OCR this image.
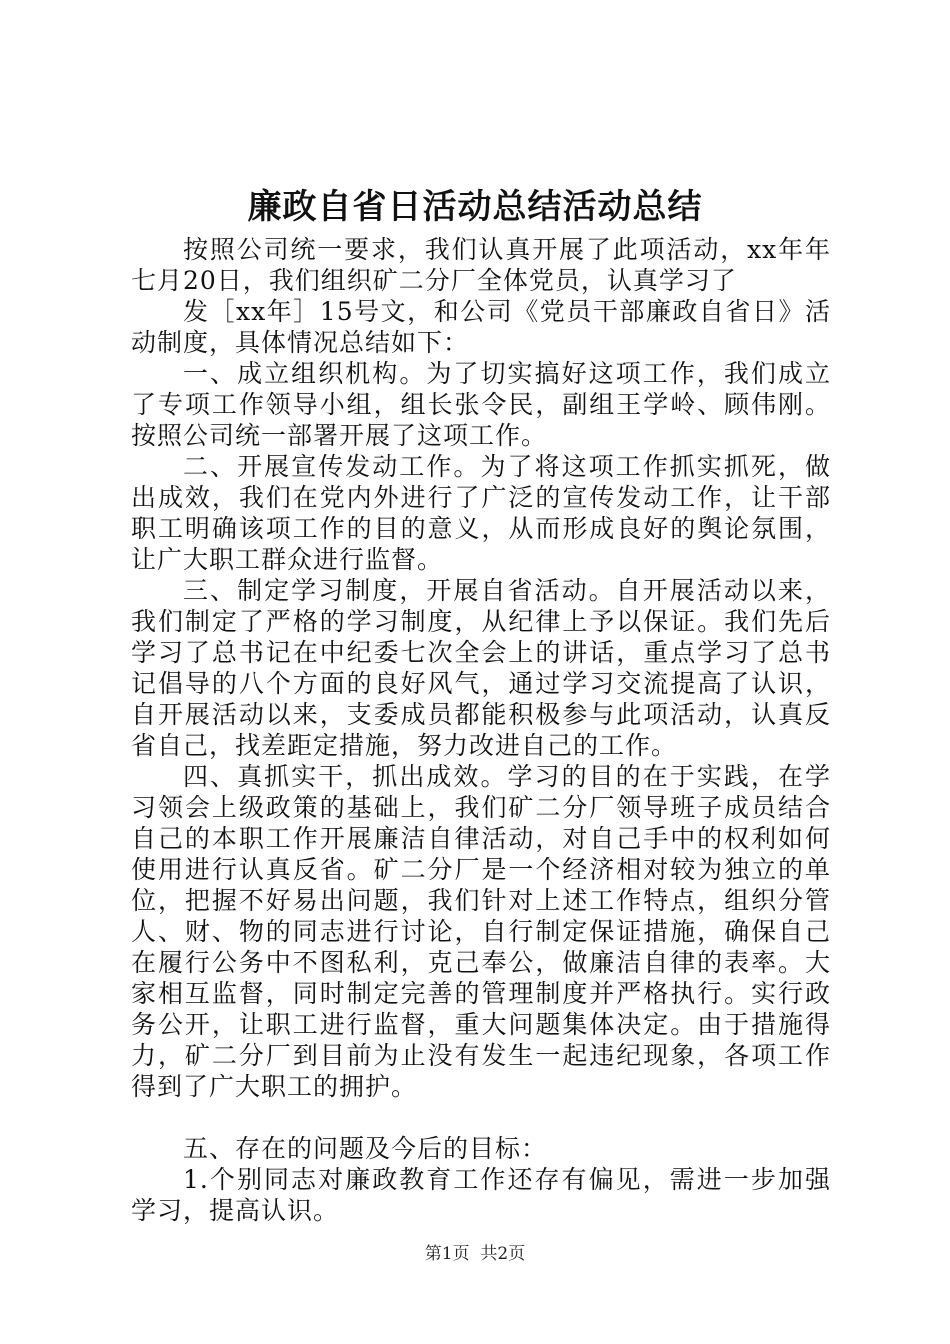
廉政自省日活动总结活动总结

按照公司统一要求，我们认真开展了此项活动，xx年年七月20日，我们组织矿二分厂全体党员，认真学习了

发［xx年］15号文，和公司《党员干部廉政自省日》活动制度，具体情况总结如下：

一、成立组织机构。为了切实搞好这项工作，我们成立了专项工作领导小组，组长张令民，副组王学岭、顾伟刚。按照公司统一部署开展了这项工作。

二、开展宣传发动工作。为了将这项工作抓实抓死，做出成效，我们在党内外进行了广泛的宣传发动工作，让干部职工明确该项工作的目的意义，从而形成良好的舆论氛围，让广大职工群众进行监督。

三、制定学习制度，开展自省活动。自开展活动以来，我们制定了严格的学习制度，从纪律上予以保证。我们先后学习了总书记在中纪委七次全会上的讲话，重点学习了总书记倡导的八个方面的良好风气，通过学习交流提高了认识，自开展活动以来，支委成员都能积极参与此项活动，认真反省自己，找差距定措施，努力改进自己的工作。

四、真抓实干，抓出成效。学习的目的在于实践，在学习领会上级政策的基础上，我们矿二分厂领导班子成员结合自己的本职工作开展廉洁自律活动，对自己手中的权利如何使用进行认真反省。矿二分厂是一个经济相对较为独立的单位，把握不好易出问题，我们针对上述工作特点，组织分管人、财、物的同志进行讨论，自行制定保证措施，确保自己在履行公务中不图私利，克己奉公，做廉洁自律的表率。大家相互监督，同时制定完善的管理制度并严格执行。实行政务公开，让职工进行监督，重大问题集体决定。由于措施得力，矿二分厂到目前为止没有发生一起违纪现象，各项工作得到了广大职工的拥护。

五、存在的问题及今后的目标：

1.个别同志对廉政教育工作还存有偏见，需进一步加强学习，提高认识。

第1页  共2页
